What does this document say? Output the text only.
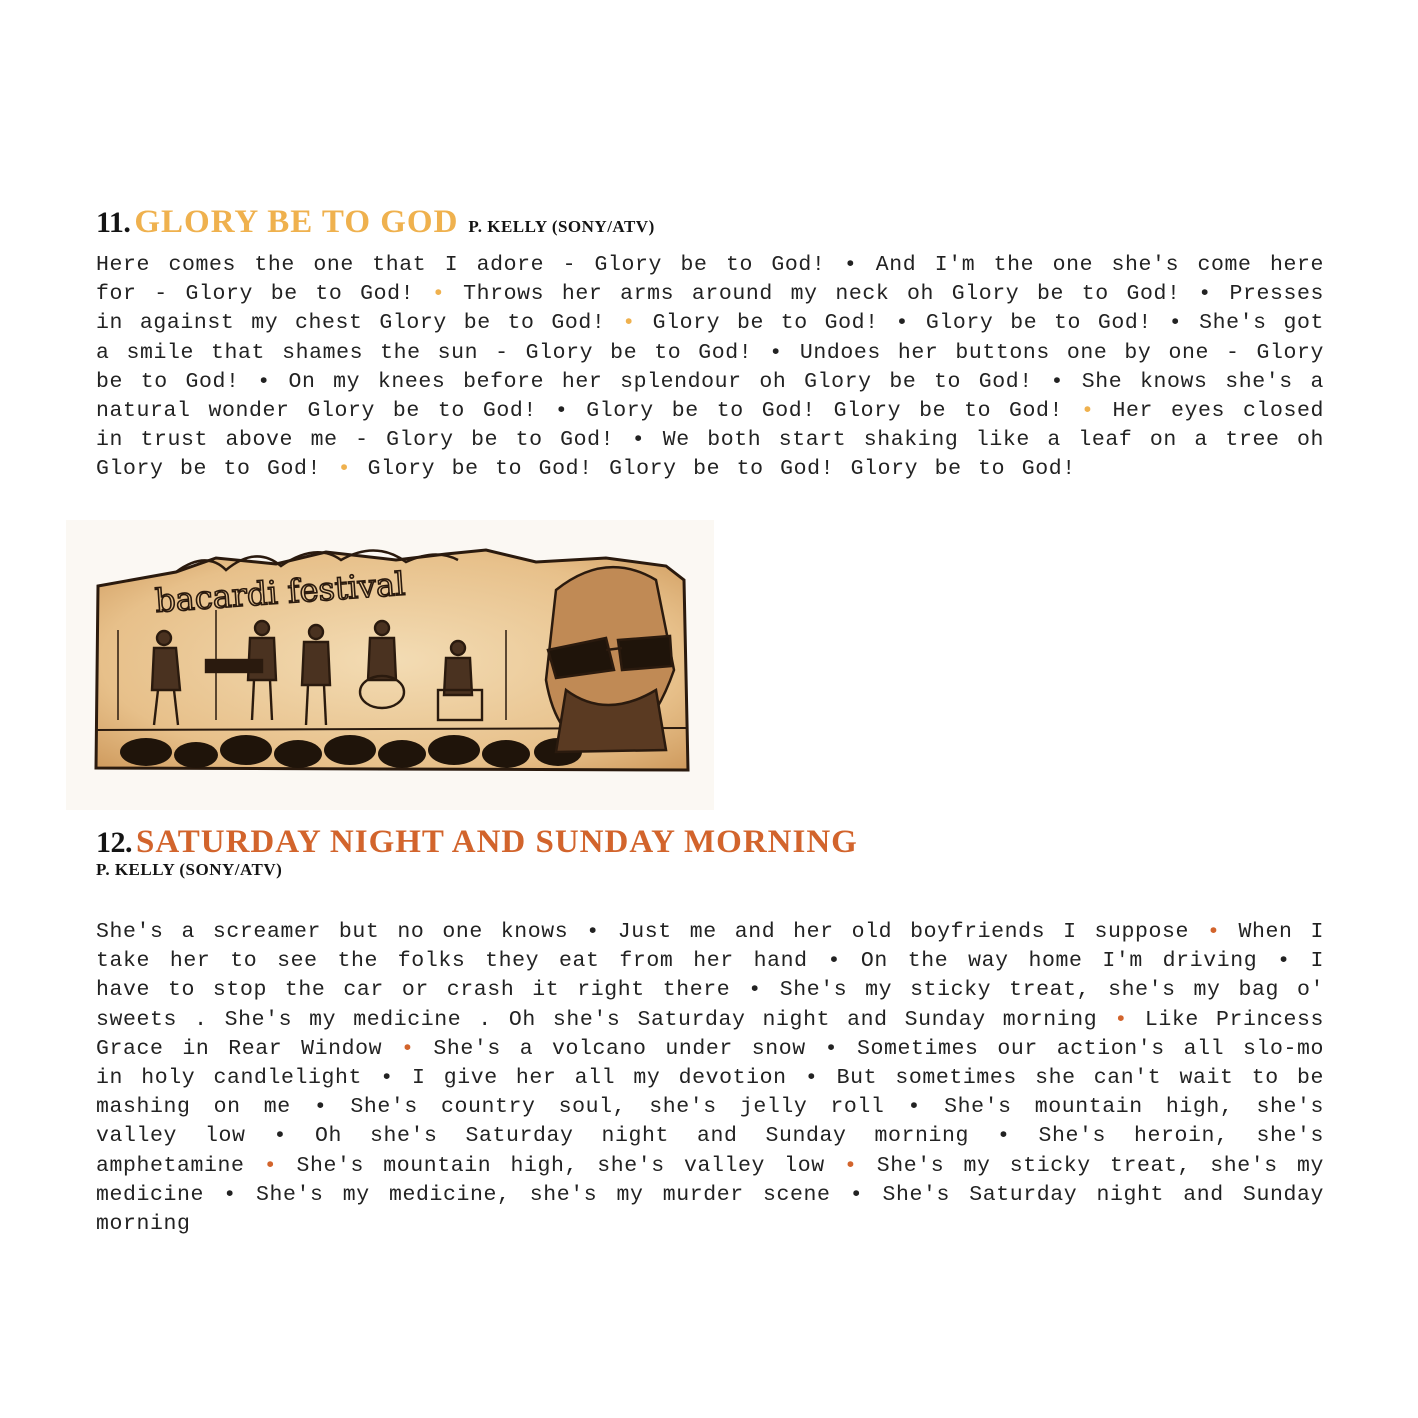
11. GLORY BE TO GOD P. KELLY (SONY/ATV)

Here comes the one that I adore - Glory be to God! • And I'm the one she's come here for - Glory be to God! • Throws her arms around my neck oh Glory be to God! • Presses in against my chest Glory be to God! • Glory be to God! • Glory be to God! • She's got a smile that shames the sun - Glory be to God! • Undoes her buttons one by one - Glory be to God! • On my knees before her splendour oh Glory be to God! • She knows she's a natural wonder Glory be to God! • Glory be to God! Glory be to God! • Her eyes closed in trust above me - Glory be to God! • We both start shaking like a leaf on a tree oh Glory be to God! • Glory be to God! Glory be to God! Glory be to God!

bacardi festival
12. SATURDAY NIGHT AND SUNDAY MORNING
P. KELLY (SONY/ATV)

She's a screamer but no one knows • Just me and her old boyfriends I suppose • When I take her to see the folks they eat from her hand • On the way home I'm driving • I have to stop the car or crash it right there • She's my sticky treat, she's my bag o' sweets . She's my medicine . Oh she's Saturday night and Sunday morning • Like Princess Grace in Rear Window • She's a volcano under snow • Sometimes our action's all slo-mo in holy candlelight • I give her all my devotion • But sometimes she can't wait to be mashing on me • She's country soul, she's jelly roll • She's mountain high, she's valley low • Oh she's Saturday night and Sunday morning • She's heroin, she's amphetamine • She's mountain high, she's valley low • She's my sticky treat, she's my medicine • She's my medicine, she's my murder scene • She's Saturday night and Sunday morning
